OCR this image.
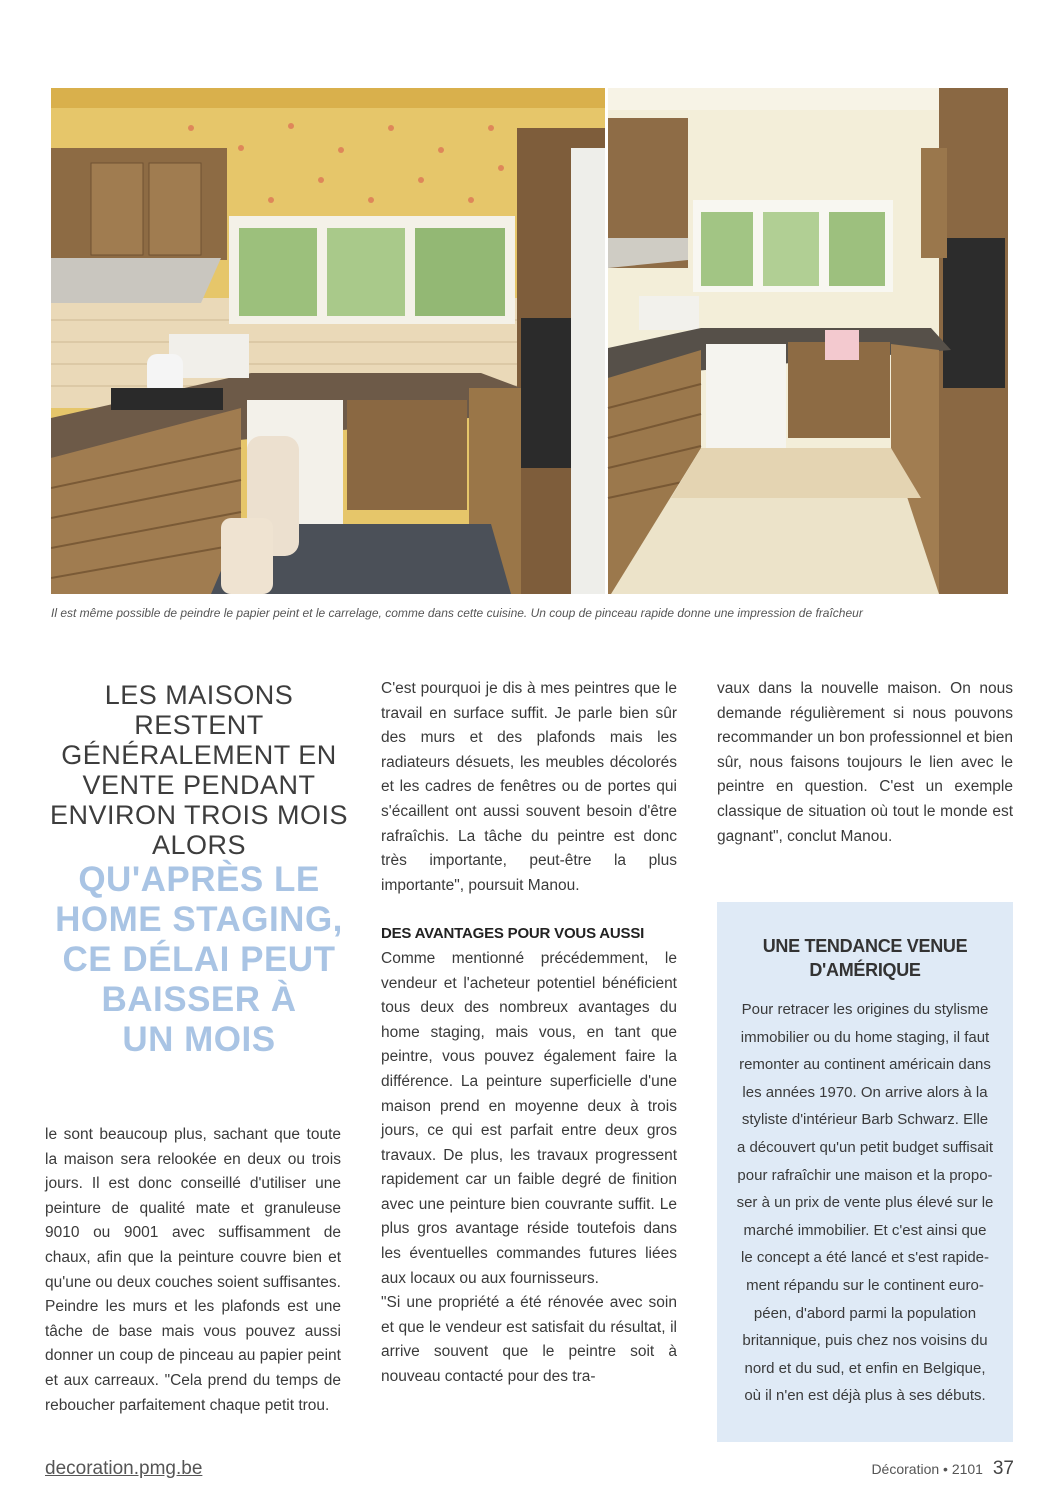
Il est même possible de peindre le papier peint et le carrelage, comme dans cette cuisine. Un coup de pinceau rapide donne une impression de fraîcheur
LES MAISONS RESTENT
GÉNÉRALEMENT EN
VENTE PENDANT
ENVIRON TROIS MOIS
ALORS
QU'APRÈS LE
HOME STAGING,
CE DÉLAI PEUT
BAISSER À
UN MOIS

le sont beaucoup plus, sachant que toute la maison sera relookée en deux ou trois jours. Il est donc conseillé d'utiliser une peinture de qualité mate et granuleuse 9010 ou 9001 avec suffisamment de chaux, afin que la peinture couvre bien et qu'une ou deux couches soient suffisantes. Peindre les murs et les plafonds est une tâche de base mais vous pouvez aussi donner un coup de pinceau au papier peint et aux carreaux. "Cela prend du temps de reboucher parfaitement chaque petit trou.

C'est pourquoi je dis à mes peintres que le travail en surface suffit. Je parle bien sûr des murs et des plafonds mais les radiateurs désuets, les meubles décolorés et les cadres de fenêtres ou de portes qui s'écaillent ont aussi souvent besoin d'être rafraîchis. La tâche du peintre est donc très importante, peut-être la plus importante", poursuit Manou.

DES AVANTAGES POUR VOUS AUSSI

Comme mentionné précédemment, le vendeur et l'acheteur potentiel bénéficient tous deux des nombreux avantages du home staging, mais vous, en tant que peintre, vous pouvez également faire la différence. La peinture superficielle d'une maison prend en moyenne deux à trois jours, ce qui est parfait entre deux gros travaux. De plus, les travaux progressent rapidement car un faible degré de finition avec une peinture bien couvrante suffit. Le plus gros avantage réside toutefois dans les éventuelles commandes futures liées aux locaux ou aux fournisseurs.

"Si une propriété a été rénovée avec soin et que le vendeur est satisfait du résultat, il arrive souvent que le peintre soit à nouveau contacté pour des tra-

vaux dans la nouvelle maison. On nous demande régulièrement si nous pouvons recommander un bon professionnel et bien sûr, nous faisons toujours le lien avec le peintre en question. C'est un exemple classique de situation où tout le monde est gagnant", conclut Manou.

UNE TENDANCE VENUE
D'AMÉRIQUE
Pour retracer les origines du stylisme
immobilier ou du home staging, il faut
remonter au continent américain dans
les années 1970. On arrive alors à la
styliste d'intérieur Barb Schwarz. Elle
a découvert qu'un petit budget suffisait
pour rafraîchir une maison et la propo-
ser à un prix de vente plus élevé sur le
marché immobilier. Et c'est ainsi que
le concept a été lancé et s'est rapide-
ment répandu sur le continent euro-
péen, d'abord parmi la population
britannique, puis chez nos voisins du
nord et du sud, et enfin en Belgique,
où il n'en est déjà plus à ses débuts.
decoration.pmg.be	Décoration • 2101 37
